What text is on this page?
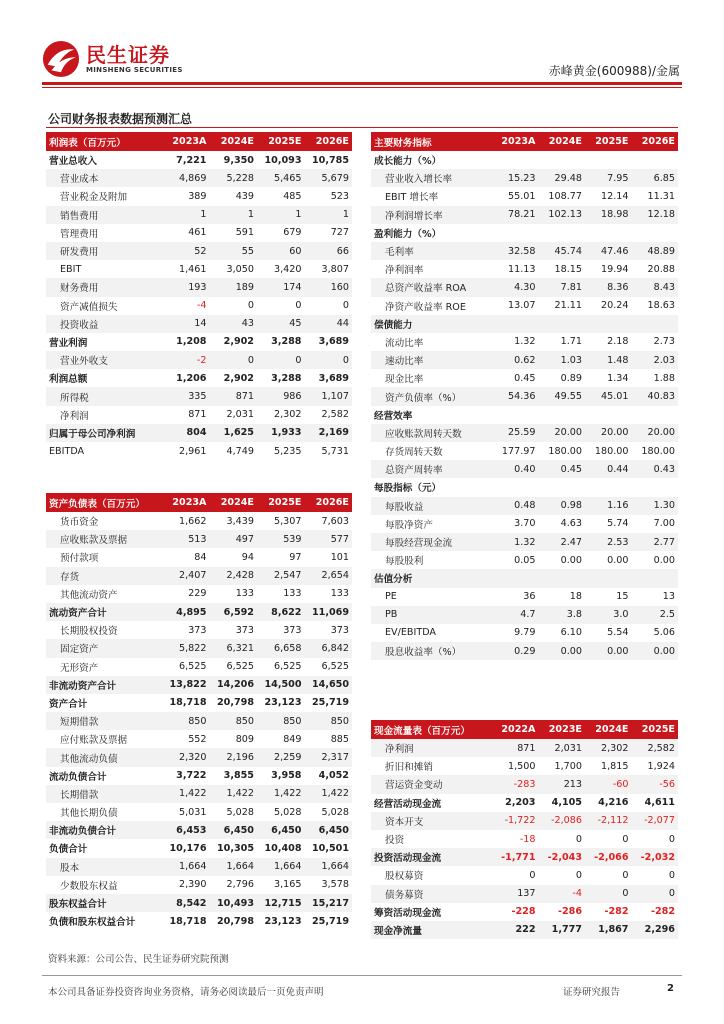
民生证券
MINSHENG SECURITIES	赤峰黄金(600988)/金属
公司财务报表数据预测汇总
利润表（百万元）	2023A	2024E	2025E	2026E
营业总收入	7,221	9,350	10,093	10,785
营业成本	4,869	5,228	5,465	5,679
营业税金及附加	389	439	485	523
销售费用	1	1	1	1
管理费用	461	591	679	727
研发费用	52	55	60	66
EBIT	1,461	3,050	3,420	3,807
财务费用	193	189	174	160
资产减值损失	-4	0	0	0
投资收益	14	43	45	44
营业利润	1,208	2,902	3,288	3,689
营业外收支	-2	0	0	0
利润总额	1,206	2,902	3,288	3,689
所得税	335	871	986	1,107
净利润	871	2,031	2,302	2,582
归属于母公司净利润	804	1,625	1,933	2,169
EBITDA	2,961	4,749	5,235	5,731
资产负债表（百万元）	2023A	2024E	2025E	2026E
货币资金	1,662	3,439	5,307	7,603
应收账款及票据	513	497	539	577
预付款项	84	94	97	101
存货	2,407	2,428	2,547	2,654
其他流动资产	229	133	133	133
流动资产合计	4,895	6,592	8,622	11,069
长期股权投资	373	373	373	373
固定资产	5,822	6,321	6,658	6,842
无形资产	6,525	6,525	6,525	6,525
非流动资产合计	13,822	14,206	14,500	14,650
资产合计	18,718	20,798	23,123	25,719
短期借款	850	850	850	850
应付账款及票据	552	809	849	885
其他流动负债	2,320	2,196	2,259	2,317
流动负债合计	3,722	3,855	3,958	4,052
长期借款	1,422	1,422	1,422	1,422
其他长期负债	5,031	5,028	5,028	5,028
非流动负债合计	6,453	6,450	6,450	6,450
负债合计	10,176	10,305	10,408	10,501
股本	1,664	1,664	1,664	1,664
少数股东权益	2,390	2,796	3,165	3,578
股东权益合计	8,542	10,493	12,715	15,217
负债和股东权益合计	18,718	20,798	23,123	25,719
主要财务指标	2023A	2024E	2025E	2026E
成长能力（%）				
营业收入增长率	15.23	29.48	7.95	6.85
EBIT 增长率	55.01	108.77	12.14	11.31
净利润增长率	78.21	102.13	18.98	12.18
盈利能力（%）				
毛利率	32.58	45.74	47.46	48.89
净利润率	11.13	18.15	19.94	20.88
总资产收益率 ROA	4.30	7.81	8.36	8.43
净资产收益率 ROE	13.07	21.11	20.24	18.63
偿债能力				
流动比率	1.32	1.71	2.18	2.73
速动比率	0.62	1.03	1.48	2.03
现金比率	0.45	0.89	1.34	1.88
资产负债率（%）	54.36	49.55	45.01	40.83
经营效率				
应收账款周转天数	25.59	20.00	20.00	20.00
存货周转天数	177.97	180.00	180.00	180.00
总资产周转率	0.40	0.45	0.44	0.43
每股指标（元）				
每股收益	0.48	0.98	1.16	1.30
每股净资产	3.70	4.63	5.74	7.00
每股经营现金流	1.32	2.47	2.53	2.77
每股股利	0.05	0.00	0.00	0.00
估值分析				
PE	36	18	15	13
PB	4.7	3.8	3.0	2.5
EV/EBITDA	9.79	6.10	5.54	5.06
股息收益率（%）	0.29	0.00	0.00	0.00
现金流量表（百万元）	2022A	2023E	2024E	2025E
净利润	871	2,031	2,302	2,582
折旧和摊销	1,500	1,700	1,815	1,924
营运资金变动	-283	213	-60	-56
经营活动现金流	2,203	4,105	4,216	4,611
资本开支	-1,722	-2,086	-2,112	-2,077
投资	-18	0	0	0
投资活动现金流	-1,771	-2,043	-2,066	-2,032
股权募资	0	0	0	0
债务募资	137	-4	0	0
筹资活动现金流	-228	-286	-282	-282
现金净流量	222	1,777	1,867	2,296
资料来源：公司公告、民生证券研究院预测
本公司具备证券投资咨询业务资格，请务必阅读最后一页免责声明	证券研究报告	2
